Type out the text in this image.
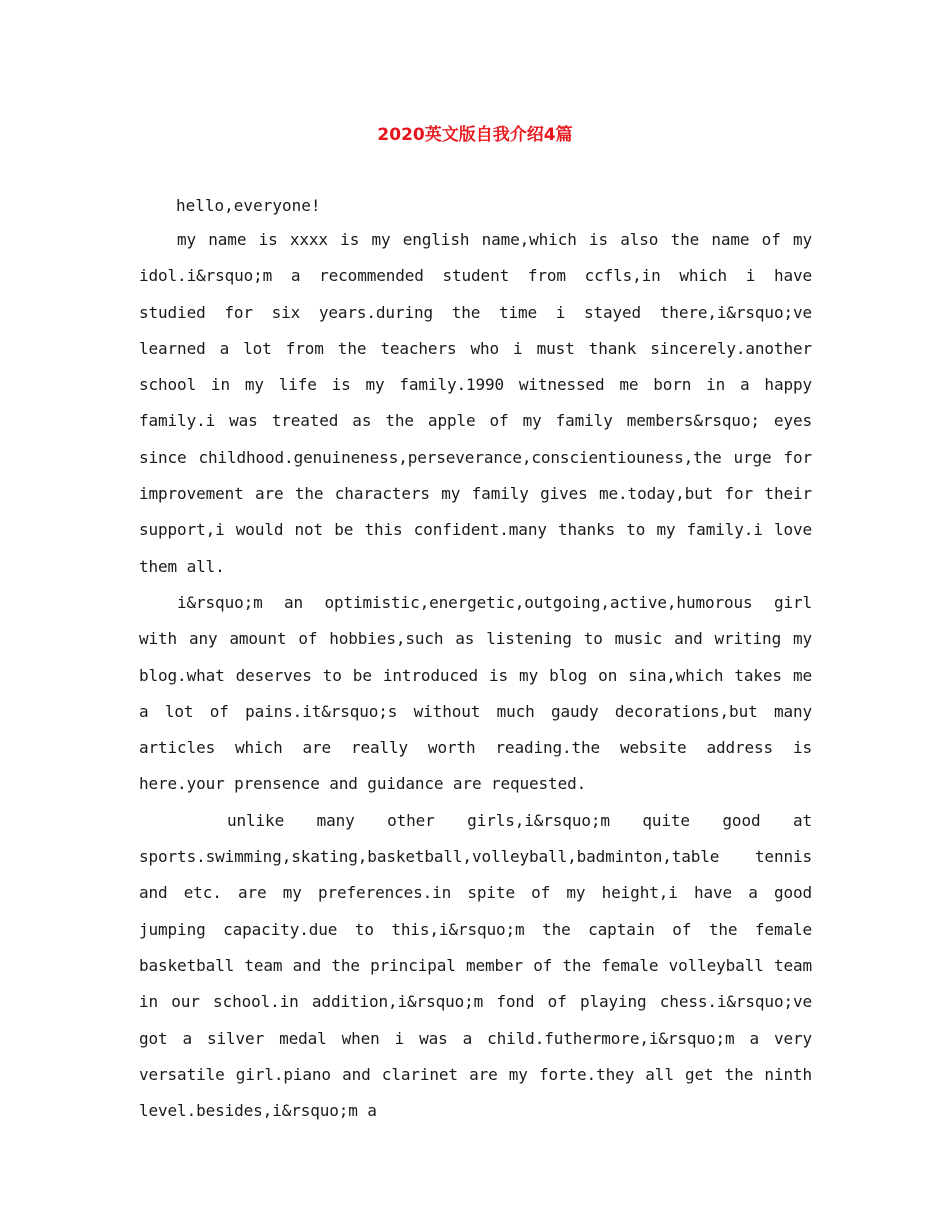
2020英文版自我介绍4篇

hello,everyone!

my name is xxxx is my english name,which is also the name of my idol.i&rsquo;m a recommended student from ccfls,in which i have studied for six years.during the time i stayed there,i&rsquo;ve learned a lot from the teachers who i must thank sincerely.another school in my life is my family.1990 witnessed me born in a happy family.i was treated as the apple of my family members&rsquo; eyes since childhood.genuineness,perseverance,conscientiouness,the urge for improvement are the characters my family gives me.today,but for their support,i would not be this confident.many thanks to my family.i love them all.

i&rsquo;m an optimistic,energetic,outgoing,active,humorous girl with any amount of hobbies,such as listening to music and writing my blog.what deserves to be introduced is my blog on sina,which takes me a lot of pains.it&rsquo;s without much gaudy decorations,but many articles which are really worth reading.the website address is here.your prensence and guidance are requested.

unlike many other girls,i&rsquo;m quite good at sports.swimming,skating,basketball,volleyball,badminton,table tennis and etc. are my preferences.in spite of my height,i have a good jumping capacity.due to this,i&rsquo;m the captain of the female basketball team and the principal member of the female volleyball team in our school.in addition,i&rsquo;m fond of playing chess.i&rsquo;ve got a silver medal when i was a child.futhermore,i&rsquo;m a very versatile girl.piano and clarinet are my forte.they all get the ninth level.besides,i&rsquo;m a
